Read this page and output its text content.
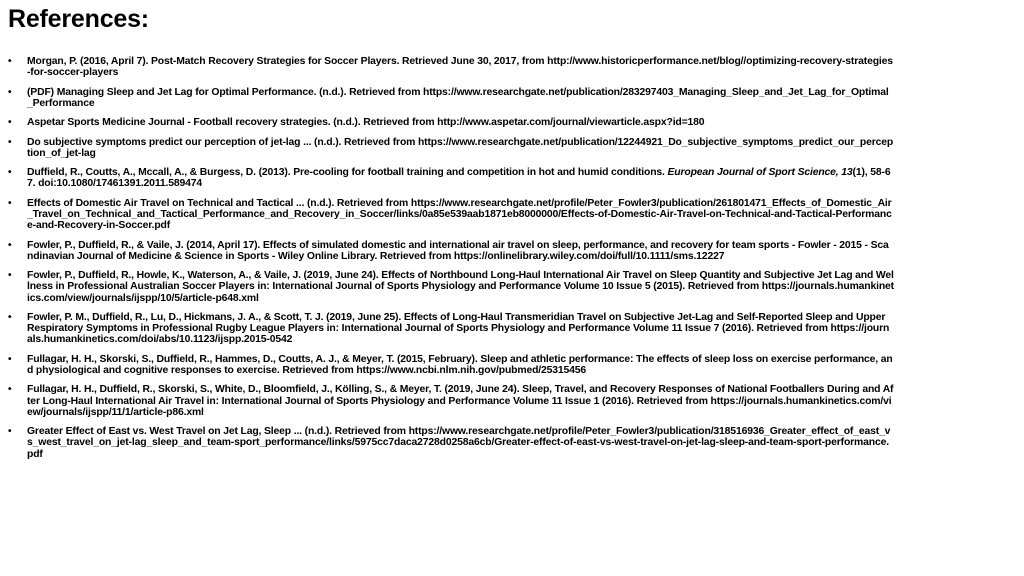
References:
• Morgan, P. (2016, April 7). Post-Match Recovery Strategies for Soccer Players. Retrieved June 30, 2017, from http://www.historicperformance.net/blog//optimizing-recovery-strategies-for-soccer-players
• (PDF) Managing Sleep and Jet Lag for Optimal Performance. (n.d.). Retrieved from https://www.researchgate.net/publication/283297403_Managing_Sleep_and_Jet_Lag_for_Optimal_Performance
• Aspetar Sports Medicine Journal - Football recovery strategies. (n.d.). Retrieved from http://www.aspetar.com/journal/viewarticle.aspx?id=180
• Do subjective symptoms predict our perception of jet-lag ... (n.d.). Retrieved from https://www.researchgate.net/publication/12244921_Do_subjective_symptoms_predict_our_perception_of_jet-lag
• Duffield, R., Coutts, A., Mccall, A., & Burgess, D. (2013). Pre-cooling for football training and competition in hot and humid conditions. European Journal of Sport Science, 13(1), 58-67. doi:10.1080/17461391.2011.589474
• Effects of Domestic Air Travel on Technical and Tactical ... (n.d.). Retrieved from https://www.researchgate.net/profile/Peter_Fowler3/publication/261801471_Effects_of_Domestic_Air_Travel_on_Technical_and_Tactical_Performance_and_Recovery_in_Soccer/links/0a85e539aab1871eb8000000/Effects-of-Domestic-Air-Travel-on-Technical-and-Tactical-Performance-and-Recovery-in-Soccer.pdf
• Fowler, P., Duffield, R., & Vaile, J. (2014, April 17). Effects of simulated domestic and international air travel on sleep, performance, and recovery for team sports - Fowler - 2015 - Scandinavian Journal of Medicine & Science in Sports - Wiley Online Library. Retrieved from https://onlinelibrary.wiley.com/doi/full/10.1111/sms.12227
• Fowler, P., Duffield, R., Howle, K., Waterson, A., & Vaile, J. (2019, June 24). Effects of Northbound Long-Haul International Air Travel on Sleep Quantity and Subjective Jet Lag and Wellness in Professional Australian Soccer Players in: International Journal of Sports Physiology and Performance Volume 10 Issue 5 (2015). Retrieved from https://journals.humankinetics.com/view/journals/ijspp/10/5/article-p648.xml
• Fowler, P. M., Duffield, R., Lu, D., Hickmans, J. A., & Scott, T. J. (2019, June 25). Effects of Long-Haul Transmeridian Travel on Subjective Jet-Lag and Self-Reported Sleep and Upper Respiratory Symptoms in Professional Rugby League Players in: International Journal of Sports Physiology and Performance Volume 11 Issue 7 (2016). Retrieved from https://journals.humankinetics.com/doi/abs/10.1123/ijspp.2015-0542
• Fullagar, H. H., Skorski, S., Duffield, R., Hammes, D., Coutts, A. J., & Meyer, T. (2015, February). Sleep and athletic performance: The effects of sleep loss on exercise performance, and physiological and cognitive responses to exercise. Retrieved from https://www.ncbi.nlm.nih.gov/pubmed/25315456
• Fullagar, H. H., Duffield, R., Skorski, S., White, D., Bloomfield, J., Kölling, S., & Meyer, T. (2019, June 24). Sleep, Travel, and Recovery Responses of National Footballers During and After Long-Haul International Air Travel in: International Journal of Sports Physiology and Performance Volume 11 Issue 1 (2016). Retrieved from https://journals.humankinetics.com/view/journals/ijspp/11/1/article-p86.xml
• Greater Effect of East vs. West Travel on Jet Lag, Sleep ... (n.d.). Retrieved from https://www.researchgate.net/profile/Peter_Fowler3/publication/318516936_Greater_effect_of_east_vs_west_travel_on_jet-lag_sleep_and_team-sport_performance/links/5975cc7daca2728d0258a6cb/Greater-effect-of-east-vs-west-travel-on-jet-lag-sleep-and-team-sport-performance.pdf
